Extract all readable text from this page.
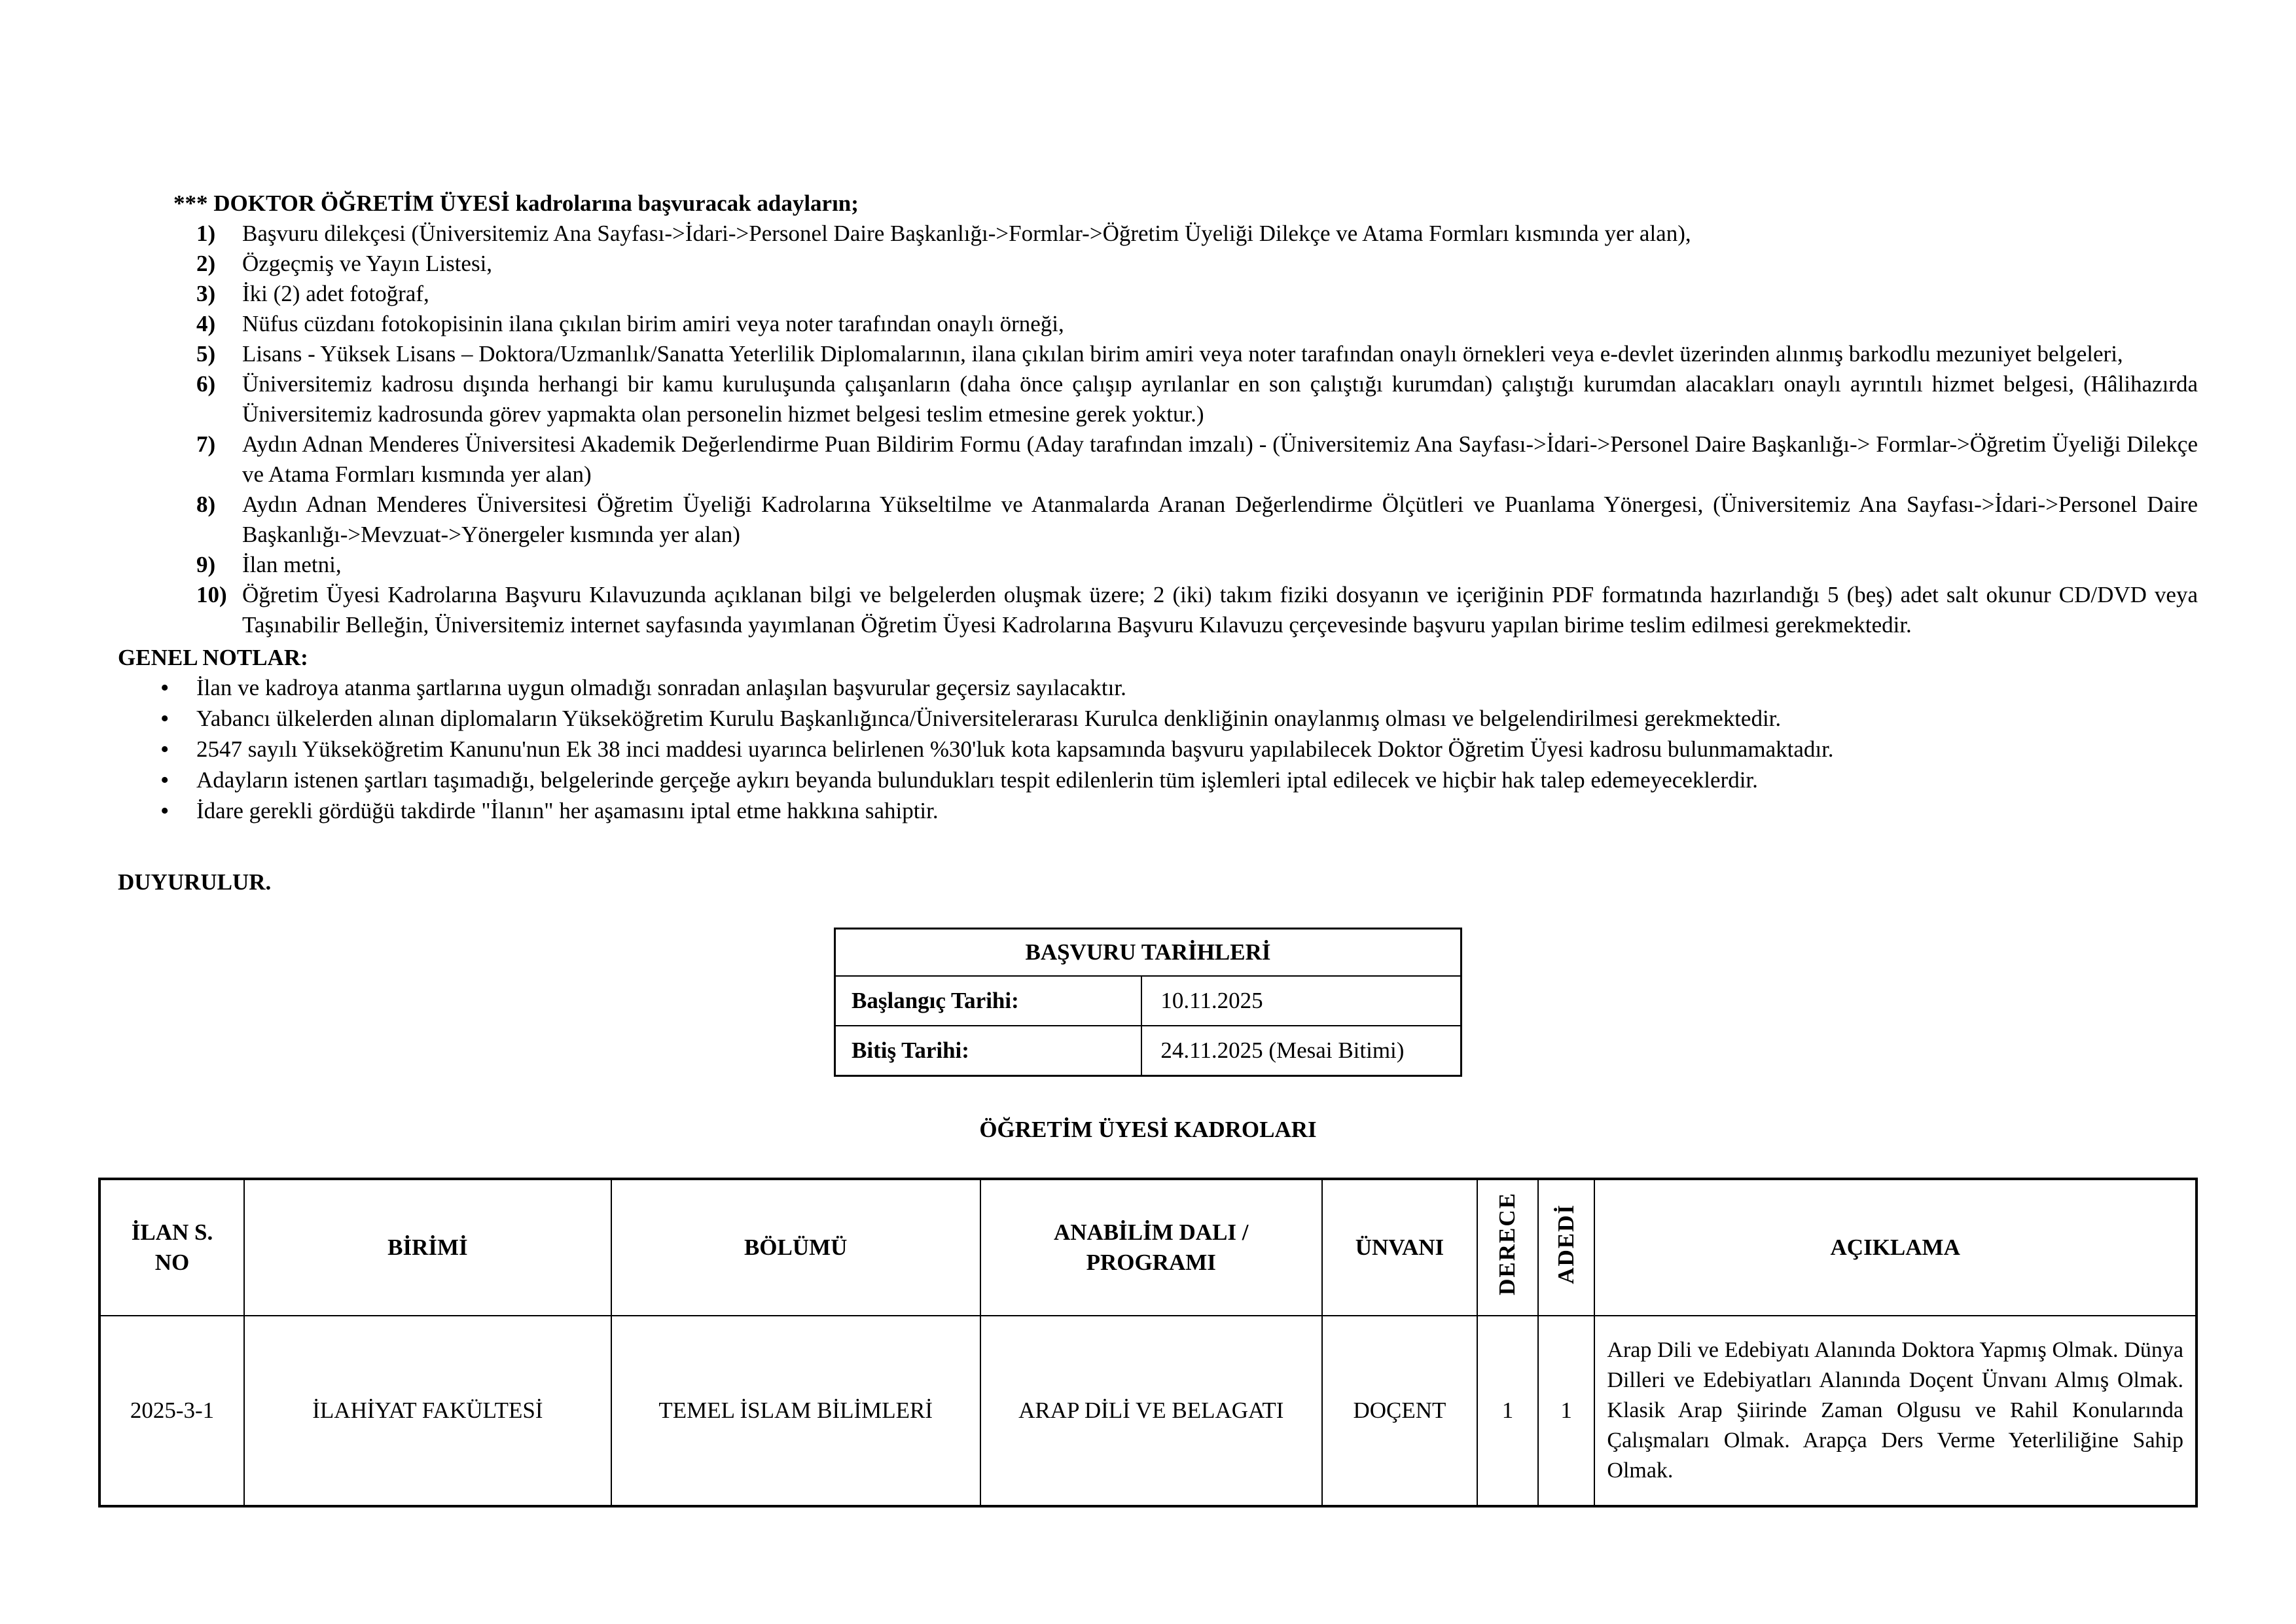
*** DOKTOR ÖĞRETİM ÜYESİ kadrolarına başvuracak adayların;
1)	Başvuru dilekçesi (Üniversitemiz Ana Sayfası->İdari->Personel Daire Başkanlığı->Formlar->Öğretim Üyeliği Dilekçe ve Atama Formları kısmında yer alan),
2)	Özgeçmiş ve Yayın Listesi,
3)	İki (2) adet fotoğraf,
4)	Nüfus cüzdanı fotokopisinin ilana çıkılan birim amiri veya noter tarafından onaylı örneği,
5)	Lisans - Yüksek Lisans – Doktora/Uzmanlık/Sanatta Yeterlilik Diplomalarının, ilana çıkılan birim amiri veya noter tarafından onaylı örnekleri veya e-devlet üzerinden alınmış barkodlu mezuniyet belgeleri,
6)	Üniversitemiz kadrosu dışında herhangi bir kamu kuruluşunda çalışanların (daha önce çalışıp ayrılanlar en son çalıştığı kurumdan) çalıştığı kurumdan alacakları onaylı ayrıntılı hizmet belgesi, (Hâlihazırda Üniversitemiz kadrosunda görev yapmakta olan personelin hizmet belgesi teslim etmesine gerek yoktur.)
7)	Aydın Adnan Menderes Üniversitesi Akademik Değerlendirme Puan Bildirim Formu (Aday tarafından imzalı) - (Üniversitemiz Ana Sayfası->İdari->Personel Daire Başkanlığı-> Formlar->Öğretim Üyeliği Dilekçe ve Atama Formları kısmında yer alan)
8)	Aydın Adnan Menderes Üniversitesi Öğretim Üyeliği Kadrolarına Yükseltilme ve Atanmalarda Aranan Değerlendirme Ölçütleri ve Puanlama Yönergesi, (Üniversitemiz Ana Sayfası->İdari->Personel Daire Başkanlığı->Mevzuat->Yönergeler kısmında yer alan)
9)	İlan metni,
10) Öğretim Üyesi Kadrolarına Başvuru Kılavuzunda açıklanan bilgi ve belgelerden oluşmak üzere; 2 (iki) takım fiziki dosyanın ve içeriğinin PDF formatında hazırlandığı 5 (beş) adet salt okunur CD/DVD veya Taşınabilir Belleğin, Üniversitemiz internet sayfasında yayımlanan Öğretim Üyesi Kadrolarına Başvuru Kılavuzu çerçevesinde başvuru yapılan birime teslim edilmesi gerekmektedir.
GENEL NOTLAR:
•
İlan ve kadroya atanma şartlarına uygun olmadığı sonradan anlaşılan başvurular geçersiz sayılacaktır.
•
Yabancı ülkelerden alınan diplomaların Yükseköğretim Kurulu Başkanlığınca/Üniversitelerarası Kurulca denkliğinin onaylanmış olması ve belgelendirilmesi gerekmektedir.
•
2547 sayılı Yükseköğretim Kanunu'nun Ek 38 inci maddesi uyarınca belirlenen %30'luk kota kapsamında başvuru yapılabilecek Doktor Öğretim Üyesi kadrosu bulunmamaktadır.
•
Adayların istenen şartları taşımadığı, belgelerinde gerçeğe aykırı beyanda bulundukları tespit edilenlerin tüm işlemleri iptal edilecek ve hiçbir hak talep edemeyeceklerdir.
•
İdare gerekli gördüğü takdirde "İlanın" her aşamasını iptal etme hakkına sahiptir.
DUYURULUR.
BAŞVURU TARİHLERİ	
Başlangıç Tarihi:	10.11.2025
Bitiş Tarihi:	24.11.2025 (Mesai Bitimi)
ÖĞRETİM ÜYESİ KADROLARI
İLAN S. NO	BİRİMİ	BÖLÜMÜ	ANABİLİM DALI / PROGRAMI	ÜNVANI	DERECE	ADEDİ	AÇIKLAMA
2025-3-1	İLAHİYAT FAKÜLTESİ	TEMEL İSLAM BİLİMLERİ	ARAP DİLİ VE BELAGATI	DOÇENT	1	1	Arap Dili ve Edebiyatı Alanında Doktora Yapmış Olmak. Dünya Dilleri ve Edebiyatları Alanında Doçent Ünvanı Almış Olmak. Klasik Arap Şiirinde Zaman Olgusu ve Rahil Konularında Çalışmaları Olmak. Arapça Ders Verme Yeterliliğine Sahip Olmak.
